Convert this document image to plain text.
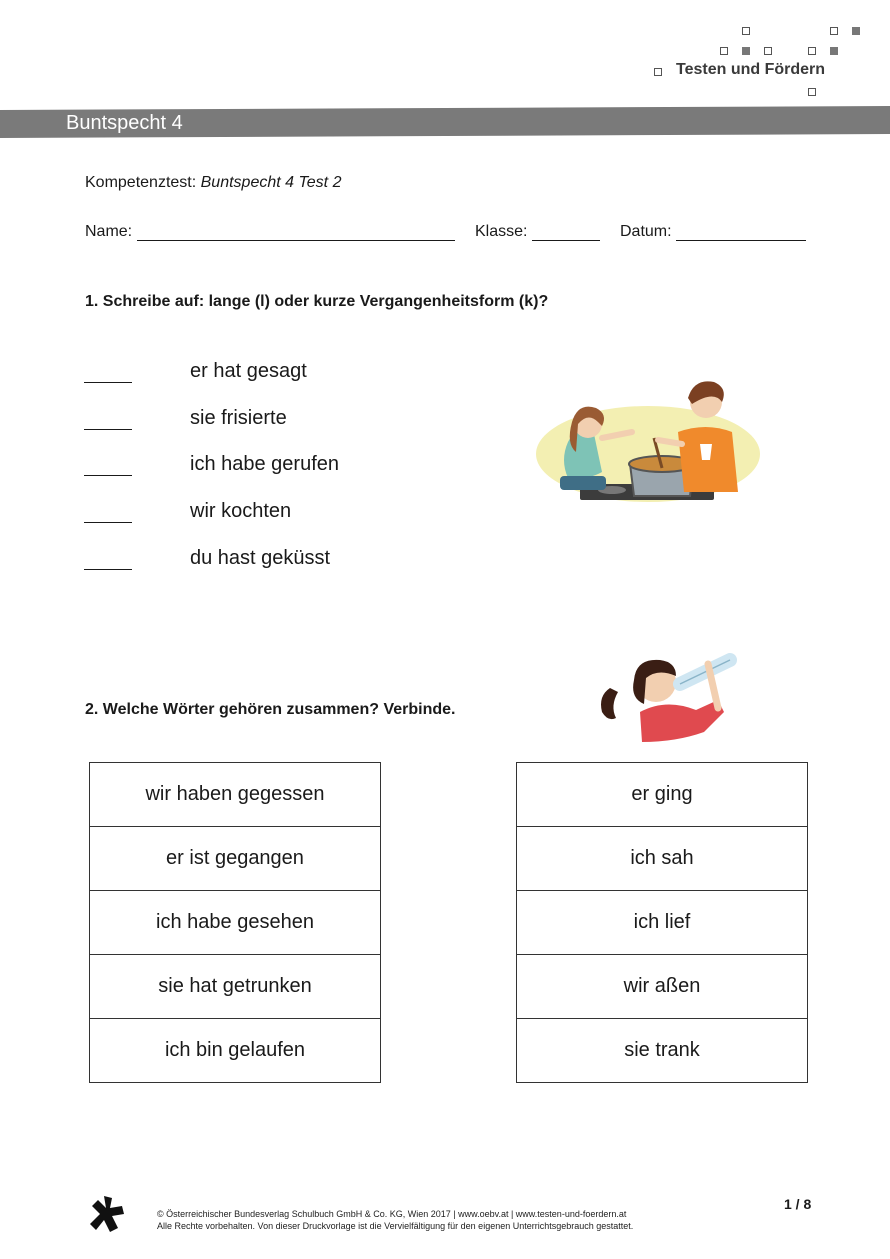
Testen und Fördern
Buntspecht 4
Kompetenztest: Buntspecht 4 Test 2
Name:	Klasse:	Datum:
1. Schreibe auf: lange (l) oder kurze Vergangenheitsform (k)?
er hat gesagt
sie frisierte
ich habe gerufen
wir kochten
du hast geküsst
2. Welche Wörter gehören zusammen? Verbinde.
wir haben gegessen
er ist gegangen
ich habe gesehen
sie hat getrunken
ich bin gelaufen
er ging
ich sah
ich lief
wir aßen
sie trank
1 / 8
© Österreichischer Bundesverlag Schulbuch GmbH & Co. KG, Wien 2017 | www.oebv.at | www.testen-und-foerdern.at
Alle Rechte vorbehalten. Von dieser Druckvorlage ist die Vervielfältigung für den eigenen Unterrichtsgebrauch gestattet.
